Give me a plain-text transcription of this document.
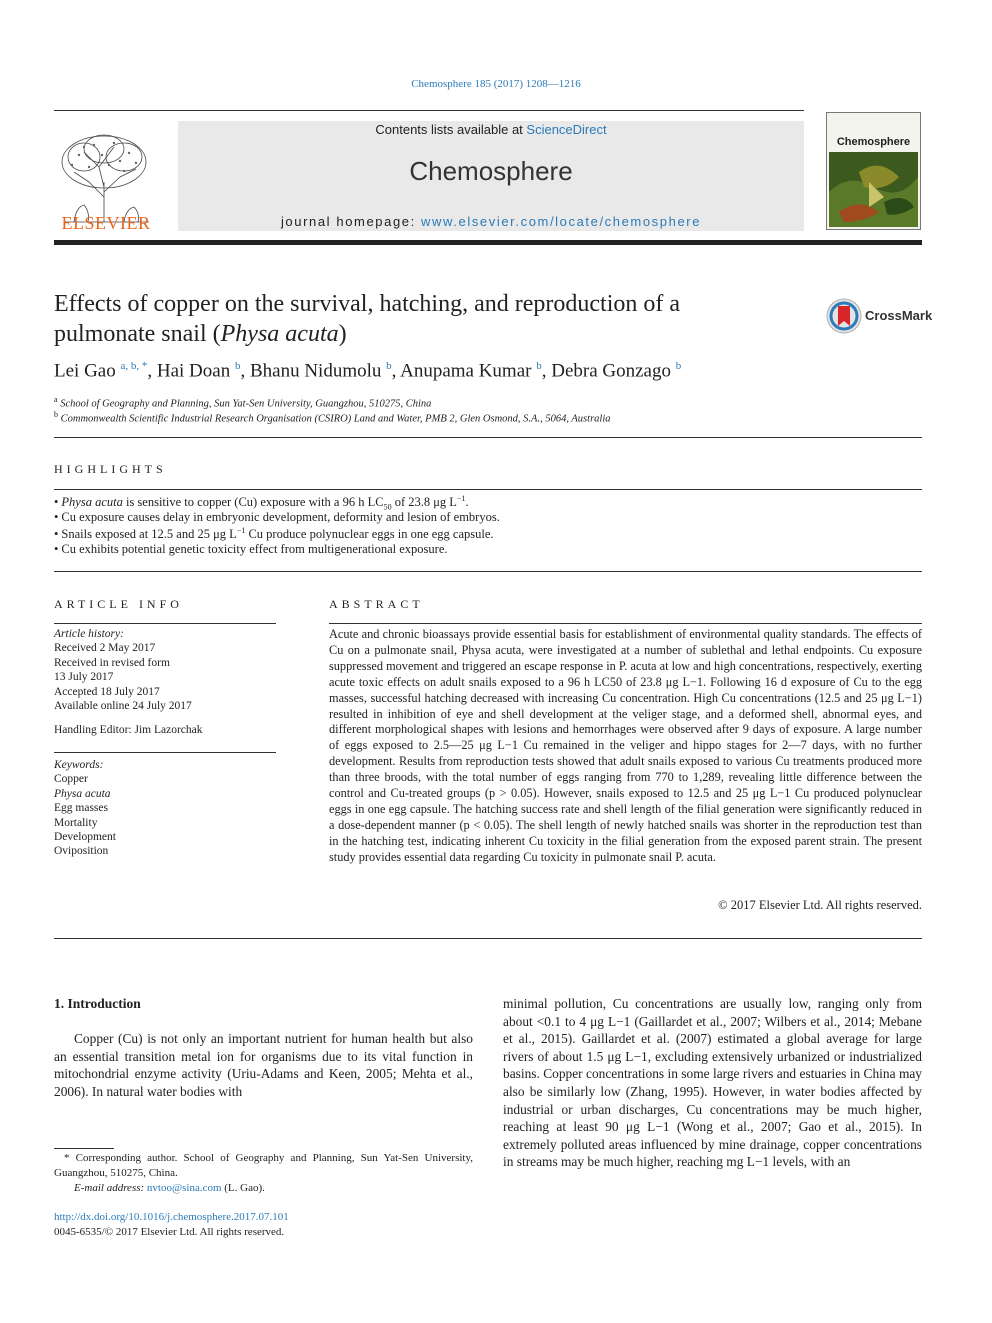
Chemosphere 185 (2017) 1208—1216
ELSEVIER
Contents lists available at ScienceDirect
Chemosphere
journal homepage: www.elsevier.com/locate/chemosphere
Chemosphere
Effects of copper on the survival, hatching, and reproduction of a
pulmonate snail (Physa acuta)
CrossMark
Lei Gao $^{a, b, *}$, Hai Doan $^b$, Bhanu Nidumolu $^b$, Anupama Kumar $^b$, Debra Gonzago $^b$
$^a$ School of Geography and Planning, Sun Yat-Sen University, Guangzhou, 510275, China
$^b$ Commonwealth Scientific Industrial Research Organisation (CSIRO) Land and Water, PMB 2, Glen Osmond, S.A., 5064, Australia
HIGHLIGHTS
• Physa acuta is sensitive to copper (Cu) exposure with a 96 h $LC_{50}$ of 23.8 μg $L^{-1}$.
• Cu exposure causes delay in embryonic development, deformity and lesion of embryos.
• Snails exposed at 12.5 and 25 μg $L^{-1}$ Cu produce polynuclear eggs in one egg capsule.
• Cu exhibits potential genetic toxicity effect from multigenerational exposure.
ARTICLE INFO	ABSTRACT
Article history:
Received 2 May 2017
Received in revised form
13 July 2017
Accepted 18 July 2017
Available online 24 July 2017
Handling Editor: Jim Lazorchak
Keywords:
Copper
Physa acuta
Egg masses
Mortality
Development
Oviposition
Acute and chronic bioassays provide essential basis for establishment of environmental quality standards. The effects of Cu on a pulmonate snail, Physa acuta, were investigated at a number of sublethal and lethal endpoints. Cu exposure suppressed movement and triggered an escape response in P. acuta at low and high concentrations, respectively, exerting acute toxic effects on adult snails exposed to a 96 h LC50 of 23.8 μg L−1. Following 16 d exposure of Cu to the egg masses, successful hatching decreased with increasing Cu concentration. High Cu concentrations (12.5 and 25 μg L−1) resulted in inhibition of eye and shell development at the veliger stage, and a deformed shell, abnormal eyes, and different morphological shapes with lesions and hemorrhages were observed after 9 days of exposure. A large number of eggs exposed to 2.5—25 μg L−1 Cu remained in the veliger and hippo stages for 2—7 days, with no further development. Results from reproduction tests showed that adult snails exposed to various Cu treatments produced more than three broods, with the total number of eggs ranging from 770 to 1,289, revealing little difference between the control and Cu-treated groups (p > 0.05). However, snails exposed to 12.5 and 25 μg L−1 Cu produced polynuclear eggs in one egg capsule. The hatching success rate and shell length of the filial generation were significantly reduced in a dose-dependent manner (p < 0.05). The shell length of newly hatched snails was shorter in the reproduction test than in the hatching test, indicating inherent Cu toxicity in the filial generation from the exposed parent strain. The present study provides essential data regarding Cu toxicity in pulmonate snail P. acuta.
© 2017 Elsevier Ltd. All rights reserved.
1. Introduction
Copper (Cu) is not only an important nutrient for human health but also an essential transition metal ion for organisms due to its vital function in mitochondrial enzyme activity (Uriu-Adams and Keen, 2005; Mehta et al., 2006). In natural water bodies with
minimal pollution, Cu concentrations are usually low, ranging only from about <0.1 to 4 μg L−1 (Gaillardet et al., 2007; Wilbers et al., 2014; Mebane et al., 2015). Gaillardet et al. (2007) estimated a global average for large rivers of about 1.5 μg L−1, excluding extensively urbanized or industrialized basins. Copper concentrations in some large rivers and estuaries in China may also be similarly low (Zhang, 1995). However, in water bodies affected by industrial or urban discharges, Cu concentrations may be much higher, reaching at least 90 μg L−1 (Wong et al., 2007; Gao et al., 2015). In extremely polluted areas influenced by mine drainage, copper concentrations in streams may be much higher, reaching mg L−1 levels, with an
* Corresponding author. School of Geography and Planning, Sun Yat-Sen University, Guangzhou, 510275, China.
E-mail address: nvtoo@sina.com (L. Gao).
http://dx.doi.org/10.1016/j.chemosphere.2017.07.101
0045-6535/© 2017 Elsevier Ltd. All rights reserved.
